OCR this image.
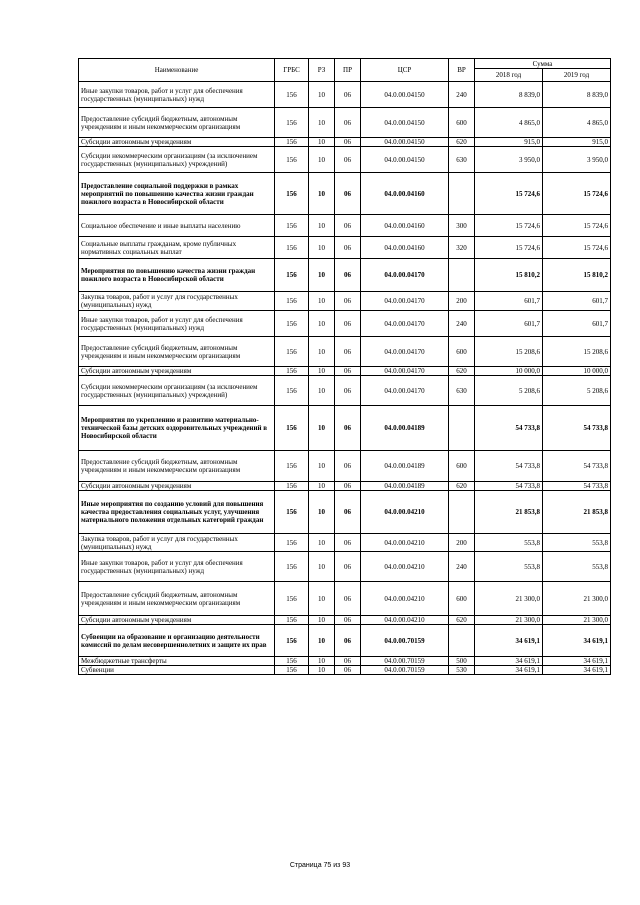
Наименование	ГРБС	РЗ	ПР	ЦСР	ВР	Сумма	
						2018 год	2019 год
Иные закупки товаров, работ и услуг для обеспечения государственных (муниципальных) нужд	156	10	06	04.0.00.04150	240	8 839,0	8 839,0
Предоставление субсидий бюджетным, автономным учреждениям и иным некоммерческим организациям	156	10	06	04.0.00.04150	600	4 865,0	4 865,0
Субсидии автономным учреждениям	156	10	06	04.0.00.04150	620	915,0	915,0
Субсидии некоммерческим организациям (за исключением государственных (муниципальных) учреждений)	156	10	06	04.0.00.04150	630	3 950,0	3 950,0
Предоставление социальной поддержки в рамках мероприятий по повышению качества жизни граждан пожилого возраста в Новосибирской области	156	10	06	04.0.00.04160		15 724,6	15 724,6
Социальное обеспечение и иные выплаты населению	156	10	06	04.0.00.04160	300	15 724,6	15 724,6
Социальные выплаты гражданам, кроме публичных нормативных социальных выплат	156	10	06	04.0.00.04160	320	15 724,6	15 724,6
Мероприятия по повышению качества жизни граждан пожилого возраста в Новосибирской области	156	10	06	04.0.00.04170		15 810,2	15 810,2
Закупка товаров, работ и услуг для государственных (муниципальных) нужд	156	10	06	04.0.00.04170	200	601,7	601,7
Иные закупки товаров, работ и услуг для обеспечения государственных (муниципальных) нужд	156	10	06	04.0.00.04170	240	601,7	601,7
Предоставление субсидий бюджетным, автономным учреждениям и иным некоммерческим организациям	156	10	06	04.0.00.04170	600	15 208,6	15 208,6
Субсидии автономным учреждениям	156	10	06	04.0.00.04170	620	10 000,0	10 000,0
Субсидии некоммерческим организациям (за исключением государственных (муниципальных) учреждений)	156	10	06	04.0.00.04170	630	5 208,6	5 208,6
Мероприятия по укреплению и развитию материально-технической базы детских оздоровительных учреждений в Новосибирской области	156	10	06	04.0.00.04189		54 733,8	54 733,8
Предоставление субсидий бюджетным, автономным учреждениям и иным некоммерческим организациям	156	10	06	04.0.00.04189	600	54 733,8	54 733,8
Субсидии автономным учреждениям	156	10	06	04.0.00.04189	620	54 733,8	54 733,8
Иные мероприятия по созданию условий для повышения качества предоставления социальных услуг, улучшения материального положения отдельных категорий граждан	156	10	06	04.0.00.04210		21 853,8	21 853,8
Закупка товаров, работ и услуг для государственных (муниципальных) нужд	156	10	06	04.0.00.04210	200	553,8	553,8
Иные закупки товаров, работ и услуг для обеспечения государственных (муниципальных) нужд	156	10	06	04.0.00.04210	240	553,8	553,8
Предоставление субсидий бюджетным, автономным учреждениям и иным некоммерческим организациям	156	10	06	04.0.00.04210	600	21 300,0	21 300,0
Субсидии автономным учреждениям	156	10	06	04.0.00.04210	620	21 300,0	21 300,0
Субвенции на образование и организацию деятельности комиссий по делам несовершеннолетних и защите их прав	156	10	06	04.0.00.70159		34 619,1	34 619,1
Межбюджетные трансферты	156	10	06	04.0.00.70159	500	34 619,1	34 619,1
Субвенции	156	10	06	04.0.00.70159	530	34 619,1	34 619,1
Страница 75 из 93
